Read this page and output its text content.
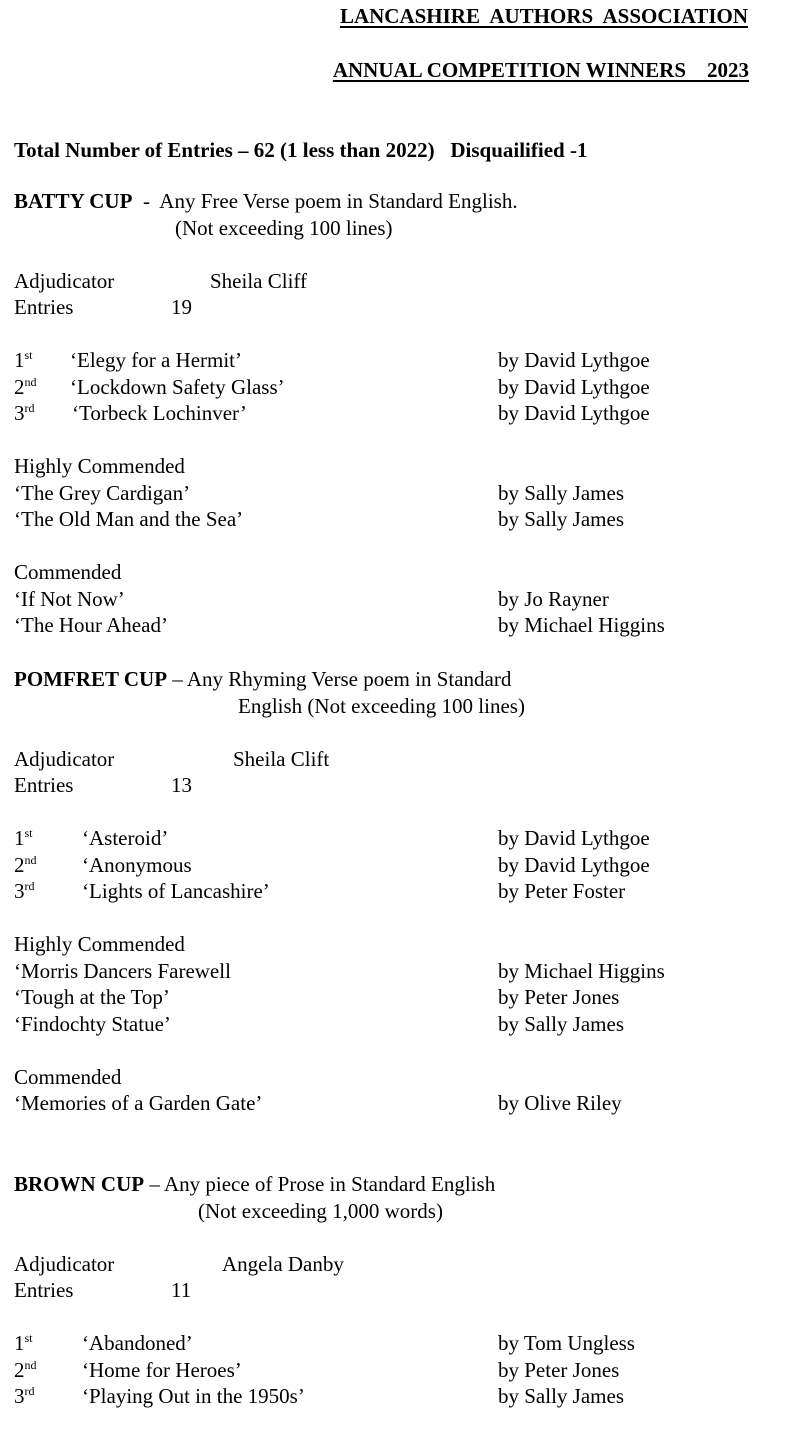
LANCASHIRE  AUTHORS  ASSOCIATION
ANNUAL COMPETITION WINNERS    2023
Total Number of Entries – 62 (1 less than 2022)   Disquailified -1
BATTY CUP  -  Any Free Verse poem in Standard English.
(Not exceeding 100 lines)
Adjudicator	Sheila Cliff
Entries	19
1st ‘Elegy for a Hermit’	by David Lythgoe
2nd ‘Lockdown Safety Glass’	by David Lythgoe
3rd ‘Torbeck Lochinver’	by David Lythgoe
Highly Commended
‘The Grey Cardigan’	by Sally James
‘The Old Man and the Sea’	by Sally James
Commended
‘If Not Now’	by Jo Rayner
‘The Hour Ahead’	by Michael Higgins
POMFRET CUP – Any Rhyming Verse poem in Standard
English (Not exceeding 100 lines)
Adjudicator	Sheila Clift
Entries	13
1st ‘Asteroid’	by David Lythgoe
2nd ‘Anonymous	by David Lythgoe
3rd ‘Lights of Lancashire’	by Peter Foster
Highly Commended
‘Morris Dancers Farewell	by Michael Higgins
‘Tough at the Top’	by Peter Jones
‘Findochty Statue’	by Sally James
Commended
‘Memories of a Garden Gate’	by Olive Riley
BROWN CUP – Any piece of Prose in Standard English
(Not exceeding 1,000 words)
Adjudicator	Angela Danby
Entries	11
1st ‘Abandoned’	by Tom Ungless
2nd ‘Home for Heroes’	by Peter Jones
3rd ‘Playing Out in the 1950s’	by Sally James
